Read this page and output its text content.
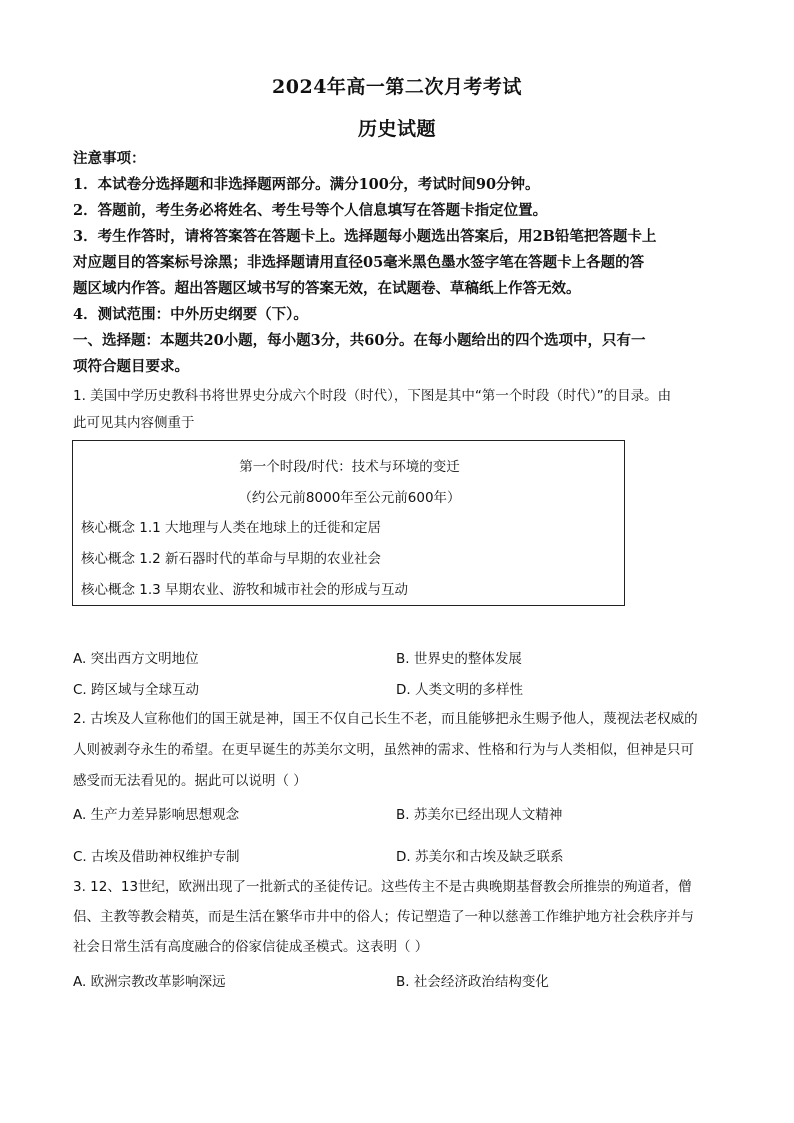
2024年高一第二次月考考试
历史试题
注意事项：
1．本试卷分选择题和非选择题两部分。满分100分，考试时间90分钟。
2．答题前，考生务必将姓名、考生号等个人信息填写在答题卡指定位置。
3．考生作答时，请将答案答在答题卡上。选择题每小题选出答案后，用2B铅笔把答题卡上
对应题目的答案标号涂黑；非选择题请用直径05毫米黑色墨水签字笔在答题卡上各题的答
题区域内作答。超出答题区域书写的答案无效，在试题卷、草稿纸上作答无效。
4．测试范围：中外历史纲要（下）。
一、选择题：本题共20小题，每小题3分，共60分。在每小题给出的四个选项中，只有一
项符合题目要求。
1. 美国中学历史教科书将世界史分成六个时段（时代），下图是其中“第一个时段（时代）”的目录。由
此可见其内容侧重于
第一个时段/时代：技术与环境的变迁
（约公元前8000年至公元前600年）
核心概念 1.1 大地理与人类在地球上的迁徙和定居
核心概念 1.2 新石器时代的革命与早期的农业社会
核心概念 1.3 早期农业、游牧和城市社会的形成与互动
A. 突出西方文明地位	B. 世界史的整体发展
C. 跨区域与全球互动	D. 人类文明的多样性
2. 古埃及人宣称他们的国王就是神，国王不仅自己长生不老，而且能够把永生赐予他人，蔑视法老权威的
人则被剥夺永生的希望。在更早诞生的苏美尔文明，虽然神的需求、性格和行为与人类相似，但神是只可
感受而无法看见的。据此可以说明（ ）
A. 生产力差异影响思想观念	B. 苏美尔已经出现人文精神
C. 古埃及借助神权维护专制	D. 苏美尔和古埃及缺乏联系
3. 12、13世纪，欧洲出现了一批新式的圣徒传记。这些传主不是古典晚期基督教会所推崇的殉道者，僧
侣、主教等教会精英，而是生活在繁华市井中的俗人；传记塑造了一种以慈善工作维护地方社会秩序并与
社会日常生活有高度融合的俗家信徒成圣模式。这表明（ ）
A. 欧洲宗教改革影响深远	B. 社会经济政治结构变化
